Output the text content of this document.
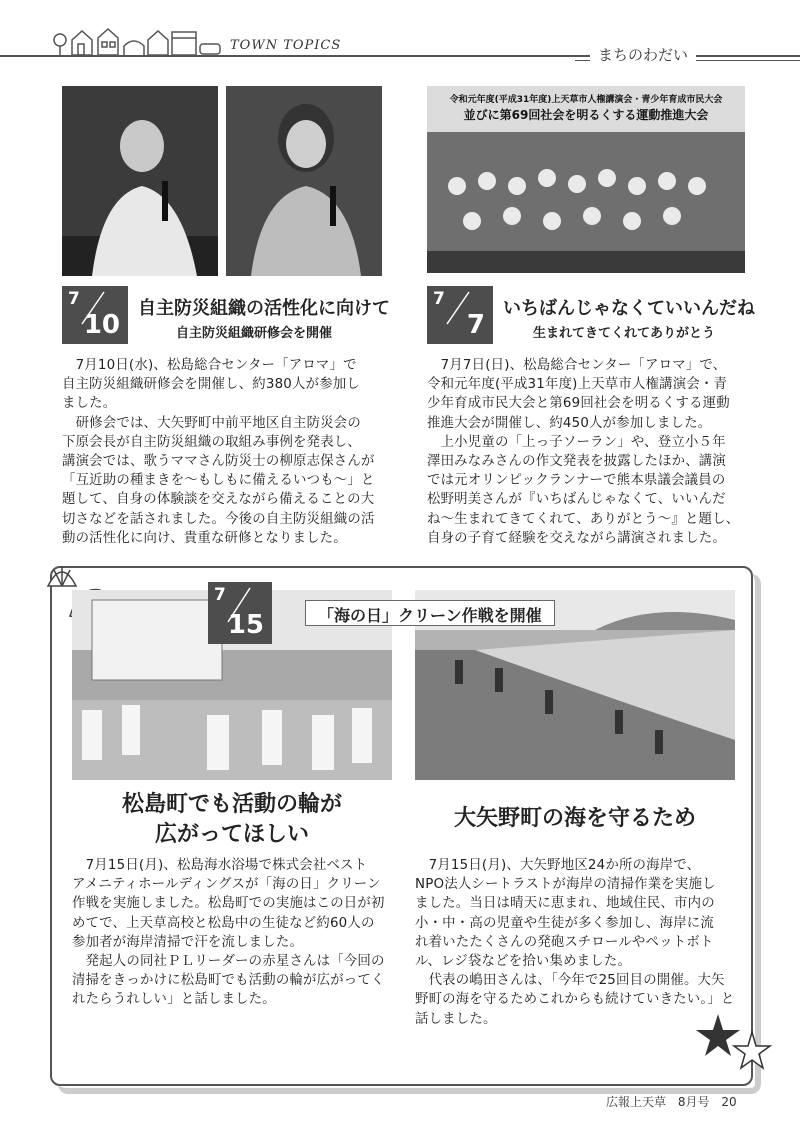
TOWN TOPICS
まちのわだい
令和元年度(平成31年度)上天草市人権講演会・青少年育成市民大会
並びに第69回社会を明るくする運動推進大会
7
10
自主防災組織の活性化に向けて
自主防災組織研修会を開催
　7月10日(水)、松島総合センター「アロマ」で
自主防災組織研修会を開催し、約380人が参加し
ました。
　研修会では、大矢野町中前平地区自主防災会の
下原会長が自主防災組織の取組み事例を発表し、
講演会では、歌うママさん防災士の柳原志保さんが
「互近助の種まきを～もしもに備えるいつも～」と
題して、自身の体験談を交えながら備えることの大
切さなどを話されました。今後の自主防災組織の活
動の活性化に向け、貴重な研修となりました。
7
7
いちばんじゃなくていいんだね
生まれてきてくれてありがとう
　7月7日(日)、松島総合センター「アロマ」で、
令和元年度(平成31年度)上天草市人権講演会・青
少年育成市民大会と第69回社会を明るくする運動
推進大会が開催し、約450人が参加しました。
　上小児童の「上っ子ソーラン」や、登立小５年
澤田みなみさんの作文発表を披露したほか、講演
では元オリンピックランナーで熊本県議会議員の
松野明美さんが『いちばんじゃなくて、いいんだ
ね～生まれてきてくれて、ありがとう～』と題し、
自身の子育て経験を交えながら講演されました。
7
15	「海の日」クリーン作戦を開催
松島町でも活動の輪が
広がってほしい
　7月15日(月)、松島海水浴場で株式会社ベスト
アメニティホールディングスが「海の日」クリーン
作戦を実施しました。松島町での実施はこの日が初
めてで、上天草高校と松島中の生徒など約60人の
参加者が海岸清掃で汗を流しました。
　発起人の同社ＰＬリーダーの赤星さんは「今回の
清掃をきっかけに松島町でも活動の輪が広がってく
れたらうれしい」と話しました。
大矢野町の海を守るため
　7月15日(月)、大矢野地区24か所の海岸で、
NPO法人シートラストが海岸の清掃作業を実施し
ました。当日は晴天に恵まれ、地域住民、市内の
小・中・高の児童や生徒が多く参加し、海岸に流
れ着いたたくさんの発砲スチロールやペットボト
ル、レジ袋などを拾い集めました。
　代表の嶋田さんは、「今年で25回目の開催。大矢
野町の海を守るためこれからも続けていきたい。」と
話しました。
広報上天草 8月号 20
